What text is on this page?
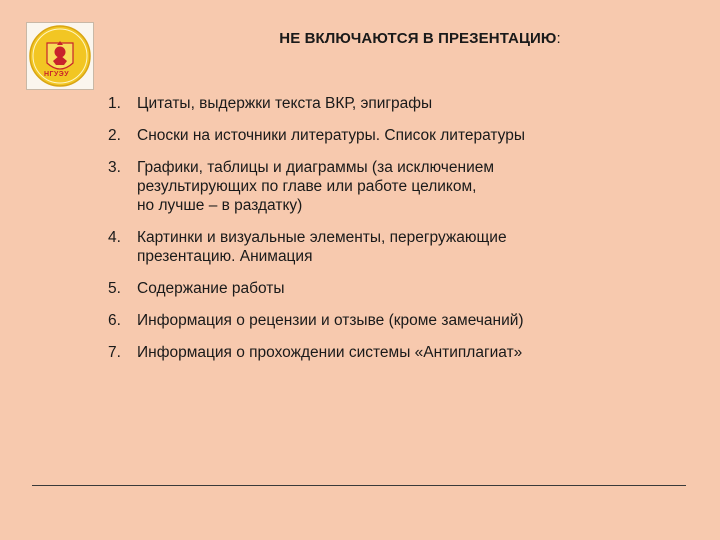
НГУЭУ
НЕ ВКЛЮЧАЮТСЯ В ПРЕЗЕНТАЦИЮ:
1. Цитаты, выдержки текста ВКР, эпиграфы
2. Сноски на источники литературы. Список литературы
3. Графики, таблицы и диаграммы (за исключением
результирующих по главе или работе целиком,
но лучше – в раздатку)
4. Картинки и визуальные элементы, перегружающие
презентацию. Анимация
5. Содержание работы
6. Информация о рецензии и отзыве (кроме замечаний)
7. Информация о прохождении системы «Антиплагиат»
